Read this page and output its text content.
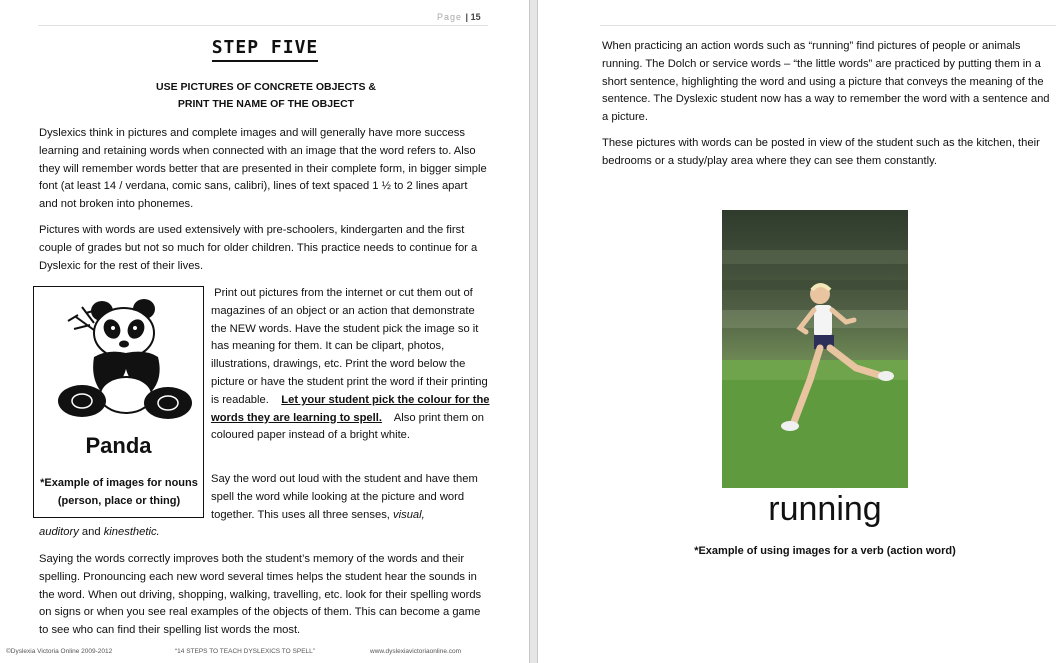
Page | 15
STEP FIVE
USE PICTURES OF CONCRETE OBJECTS &
PRINT THE NAME OF THE OBJECT
Dyslexics think in pictures and complete images and will generally have more success learning and retaining words when connected with an image that the word refers to. Also they will remember words better that are presented in their complete form, in bigger simple font (at least 14 / verdana, comic sans, calibri), lines of text spaced 1 ½ to 2 lines apart and not broken into phonemes.
Pictures with words are used extensively with pre-schoolers, kindergarten and the first couple of grades but not so much for older children. This practice needs to continue for a Dyslexic for the rest of their lives.
Panda
*Example of images for nouns (person, place or thing)
Print out pictures from the internet or cut them out of magazines of an object or an action that demonstrate the NEW words. Have the student pick the image so it has meaning for them. It can be clipart, photos, illustrations, drawings, etc. Print the word below the picture or have the student print the word if their printing is readable. Let your student pick the colour for the words they are learning to spell. Also print them on coloured paper instead of a bright white.
Say the word out loud with the student and have them spell the word while looking at the picture and word together. This uses all three senses, visual,
auditory and kinesthetic.
Saying the words correctly improves both the student’s memory of the words and their spelling. Pronouncing each new word several times helps the student hear the sounds in the word. When out driving, shopping, walking, travelling, etc. look for their spelling words on signs or when you see real examples of the objects of them. This can become a game to see who can find their spelling list words the most.
©Dyslexia Victoria Online 2009-2012	“14 STEPS TO TEACH DYSLEXICS TO SPELL”	www.dyslexiavictoriaonline.com
When practicing an action words such as “running” find pictures of people or animals running. The Dolch or service words – “the little words” are practiced by putting them in a short sentence, highlighting the word and using a picture that conveys the meaning of the sentence. The Dyslexic student now has a way to remember the word with a sentence and a picture.
These pictures with words can be posted in view of the student such as the kitchen, their bedrooms or a study/play area where they can see them constantly.
running
*Example of using images for a verb (action word)
